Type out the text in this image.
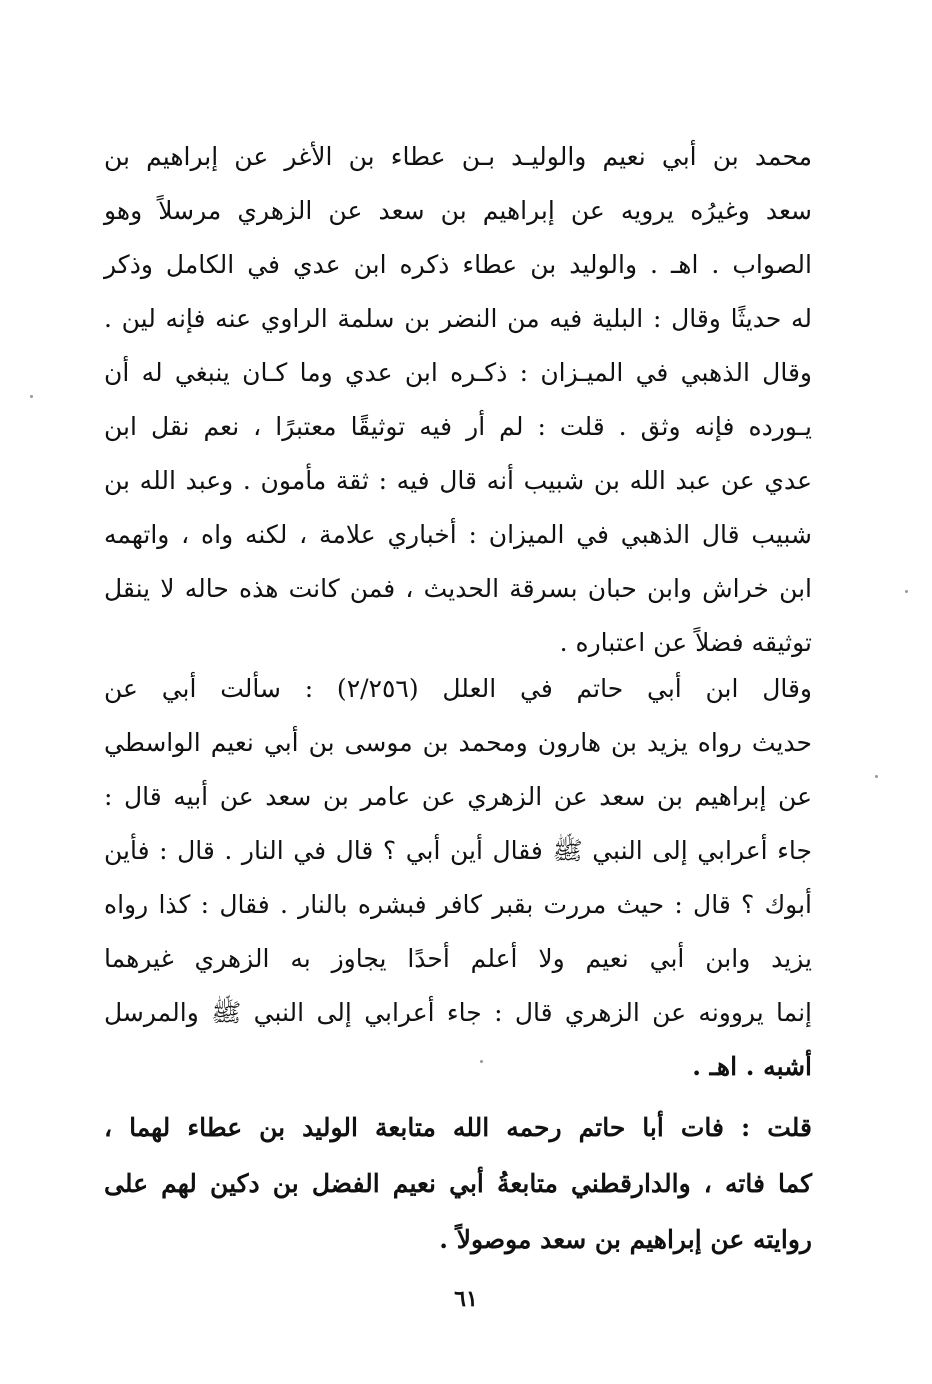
محمد بن أبي نعيم والوليـد بـن عطاء بن الأغر عن إبراهيم بن
سعد وغيرُه يرويه عن إبراهيم بن سعد عن الزهري مرسلاً وهو
الصواب . اهـ . والوليد بن عطاء ذكره ابن عدي في الكامل وذكر
له حديثًا وقال : البلية فيه من النضر بن سلمة الراوي عنه فإنه لين .
وقال الذهبي في الميـزان : ذكـره ابن عدي وما كـان ينبغي له أن
يـورده فإنه وثق . قلت : لم أر فيه توثيقًا معتبرًا ، نعم نقل ابن
عدي عن عبد الله بن شبيب أنه قال فيه : ثقة مأمون . وعبد الله بن
شبيب قال الذهبي في الميزان : أخباري علامة ، لكنه واه ، واتهمه
ابن خراش وابن حبان بسرقة الحديث ، فمن كانت هذه حاله لا ينقل
توثيقه فضلاً عن اعتباره .
وقال ابن أبي حاتم في العلل (٢/٢٥٦) : سألت أبي عن
حديث رواه يزيد بن هارون ومحمد بن موسى بن أبي نعيم الواسطي
عن إبراهيم بن سعد عن الزهري عن عامر بن سعد عن أبيه قال :
جاء أعرابي إلى النبي ﷺ فقال أين أبي ؟ قال في النار . قال : فأين
أبوك ؟ قال : حيث مررت بقبر كافر فبشره بالنار . فقال : كذا رواه
يزيد وابن أبي نعيم ولا أعلم أحدًا يجاوز به الزهري غيرهما
إنما يروونه عن الزهري قال : جاء أعرابي إلى النبي ﷺ والمرسل
أشبه . اهـ .
قلت : فات أبا حاتم رحمه الله متابعة الوليد بن عطاء لهما ،
كما فاته ، والدارقطني متابعةُ أبي نعيم الفضل بن دكين لهم على
روايته عن إبراهيم بن سعد موصولاً .
٦١
